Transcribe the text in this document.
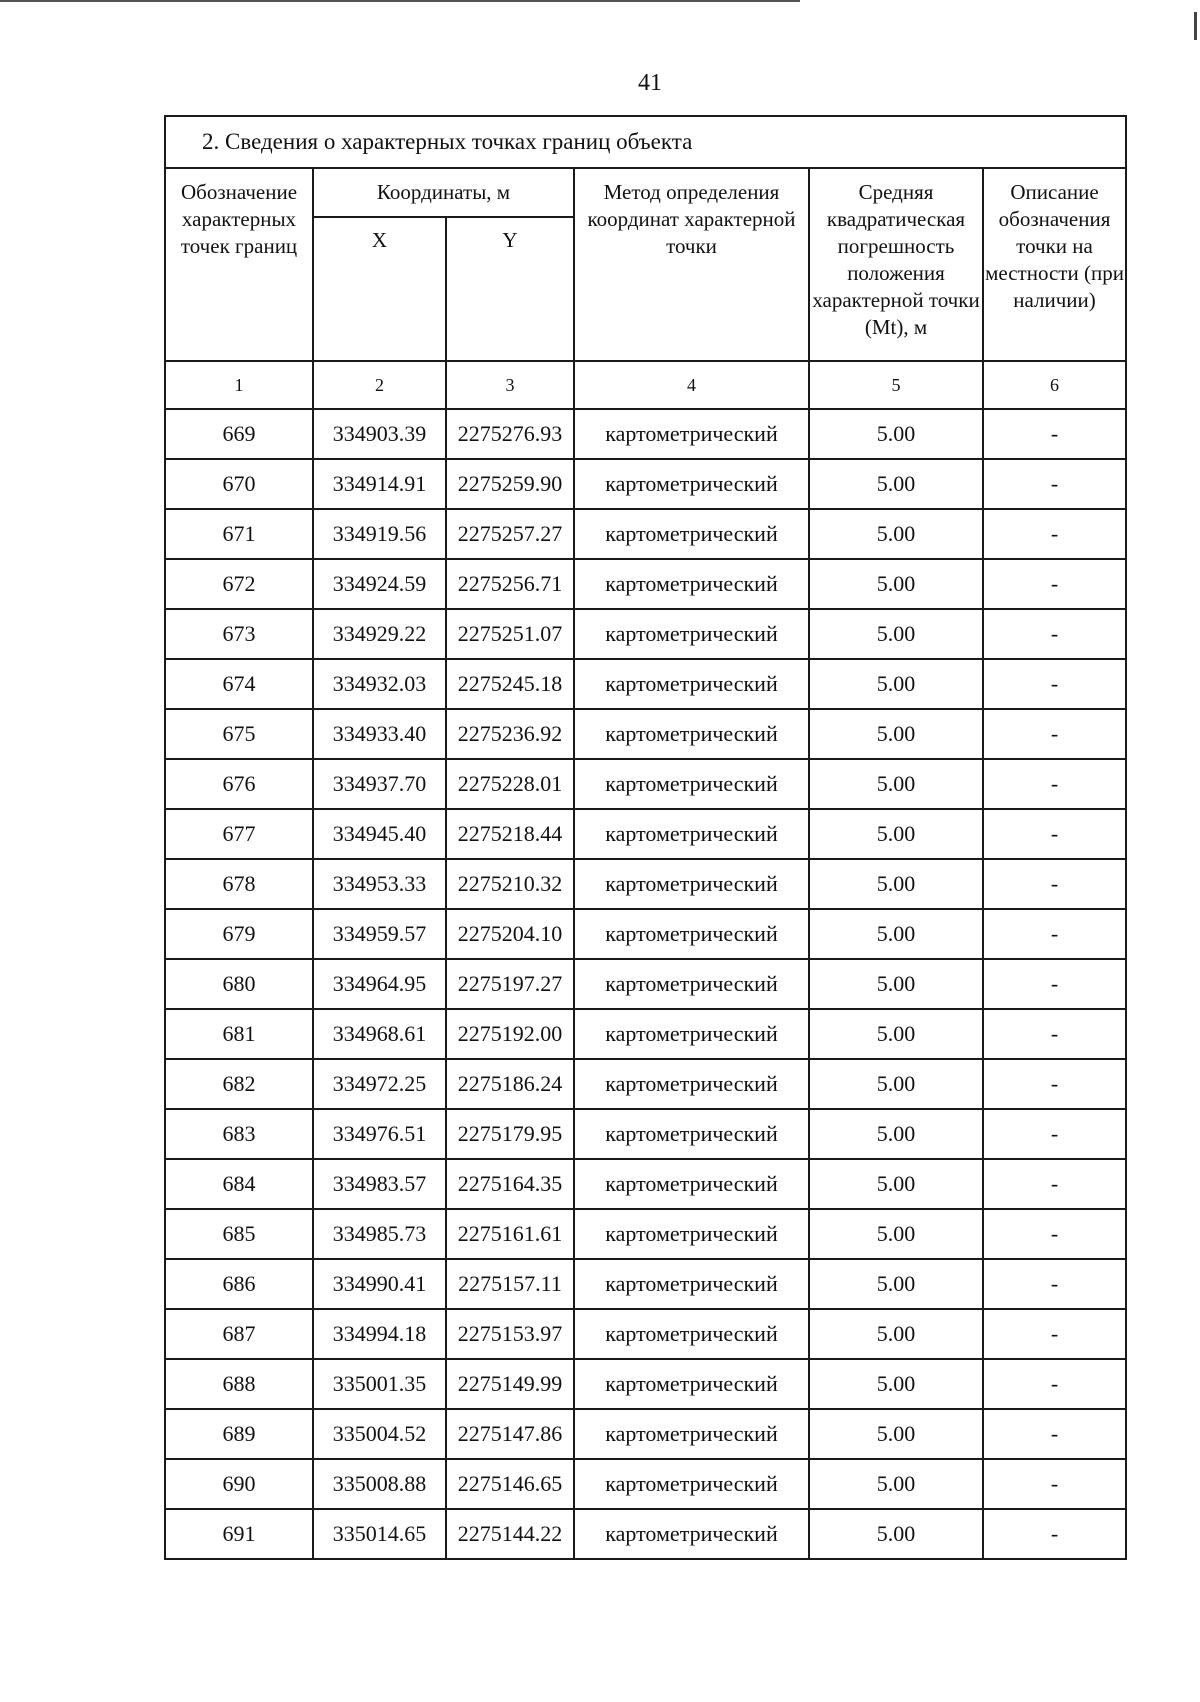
41
2. Сведения о характерных точках границ объекта					
Обозначение характерных точек границ	Координаты, м		Метод определения координат характерной точки	Средняя квадратическая погрешность положения характерной точки (Mt), м	Описание обозначения точки на местности (при наличии)
	X	Y			
1	2	3	4	5	6
669	334903.39	2275276.93	картометрический	5.00	-
670	334914.91	2275259.90	картометрический	5.00	-
671	334919.56	2275257.27	картометрический	5.00	-
672	334924.59	2275256.71	картометрический	5.00	-
673	334929.22	2275251.07	картометрический	5.00	-
674	334932.03	2275245.18	картометрический	5.00	-
675	334933.40	2275236.92	картометрический	5.00	-
676	334937.70	2275228.01	картометрический	5.00	-
677	334945.40	2275218.44	картометрический	5.00	-
678	334953.33	2275210.32	картометрический	5.00	-
679	334959.57	2275204.10	картометрический	5.00	-
680	334964.95	2275197.27	картометрический	5.00	-
681	334968.61	2275192.00	картометрический	5.00	-
682	334972.25	2275186.24	картометрический	5.00	-
683	334976.51	2275179.95	картометрический	5.00	-
684	334983.57	2275164.35	картометрический	5.00	-
685	334985.73	2275161.61	картометрический	5.00	-
686	334990.41	2275157.11	картометрический	5.00	-
687	334994.18	2275153.97	картометрический	5.00	-
688	335001.35	2275149.99	картометрический	5.00	-
689	335004.52	2275147.86	картометрический	5.00	-
690	335008.88	2275146.65	картометрический	5.00	-
691	335014.65	2275144.22	картометрический	5.00	-
